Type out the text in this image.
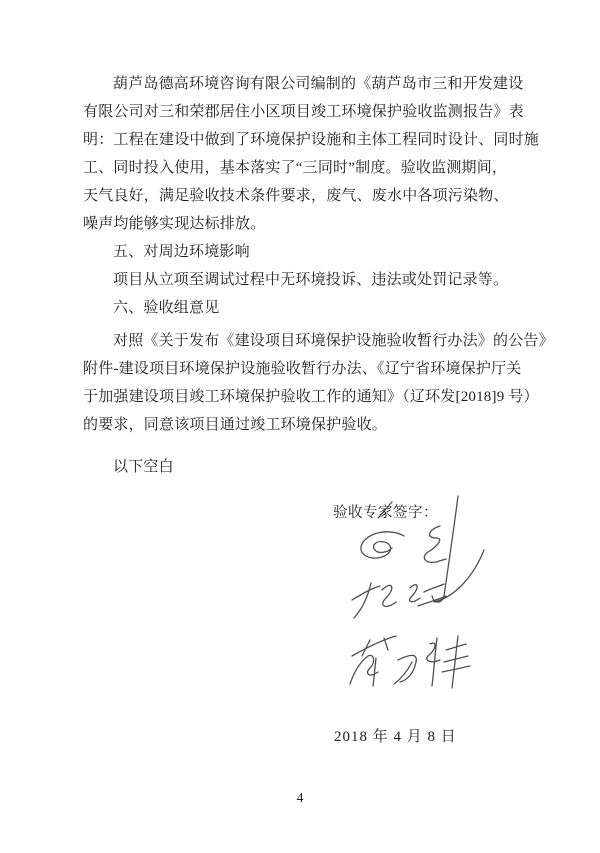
葫芦岛德高环境咨询有限公司编制的《葫芦岛市三和开发建设
有限公司对三和荣郡居住小区项目竣工环境保护验收监测报告》表
明：工程在建设中做到了环境保护设施和主体工程同时设计、同时施
工、同时投入使用，基本落实了“三同时”制度。验收监测期间，
天气良好，满足验收技术条件要求，废气、废水中各项污染物、
噪声均能够实现达标排放。
五、对周边环境影响
项目从立项至调试过程中无环境投诉、违法或处罚记录等。
六、验收组意见
对照《关于发布《建设项目环境保护设施验收暂行办法》的公告》
附件-建设项目环境保护设施验收暂行办法、《辽宁省环境保护厅关
于加强建设项目竣工环境保护验收工作的通知》（辽环发[2018]9 号）
的要求，同意该项目通过竣工环境保护验收。
以下空白
验收专家签字：
2018 年 4 月 8 日
4
